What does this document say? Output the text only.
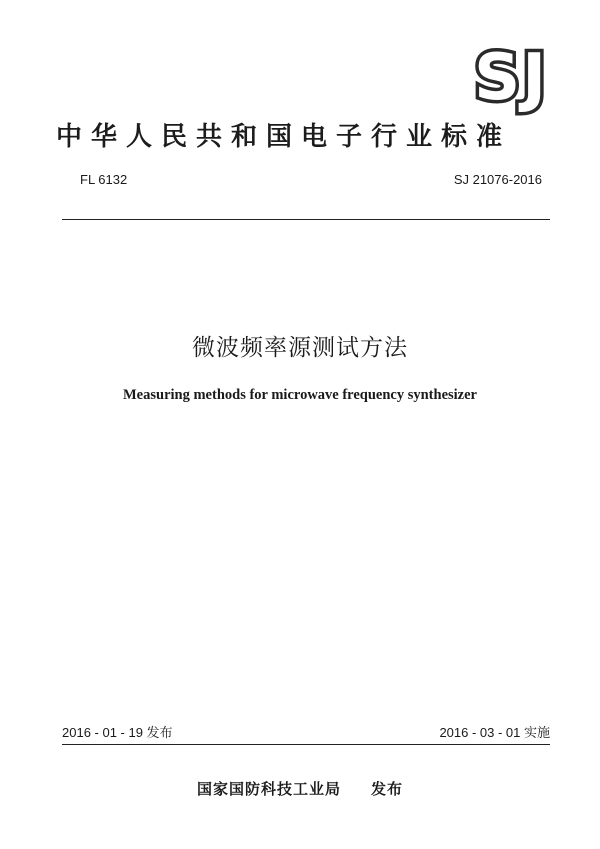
SJ
中华人民共和国电子行业标准
FL 6132	SJ 21076-2016
微波频率源测试方法
Measuring methods for microwave frequency synthesizer
2016 - 01 - 19 发布	2016 - 03 - 01 实施
国家国防科技工业局 发布
